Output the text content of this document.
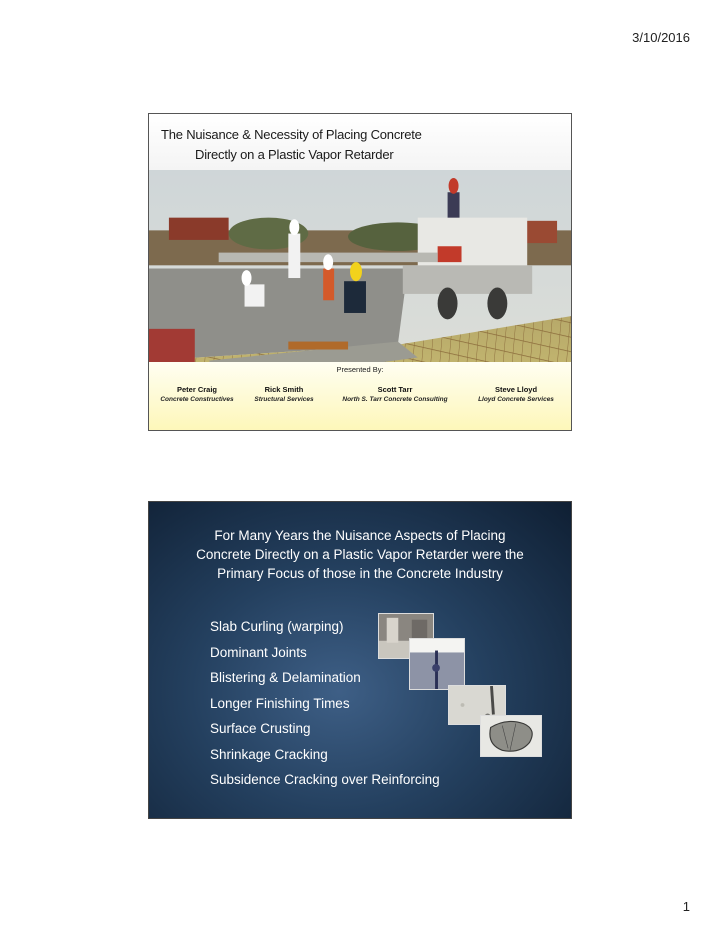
3/10/2016
The Nuisance & Necessity of Placing Concrete
Directly on a Plastic Vapor Retarder
Presented By:
Peter Craig
Concrete Constructives
Rick Smith
Structural Services
Scott Tarr
North S. Tarr Concrete Consulting
Steve Lloyd
Lloyd Concrete Services
For Many Years the Nuisance Aspects of Placing
Concrete Directly on a Plastic Vapor Retarder were the
Primary Focus of those in the Concrete Industry
Slab Curling (warping)
Dominant Joints
Blistering & Delamination
Longer Finishing Times
Surface Crusting
Shrinkage Cracking
Subsidence Cracking over Reinforcing
1
